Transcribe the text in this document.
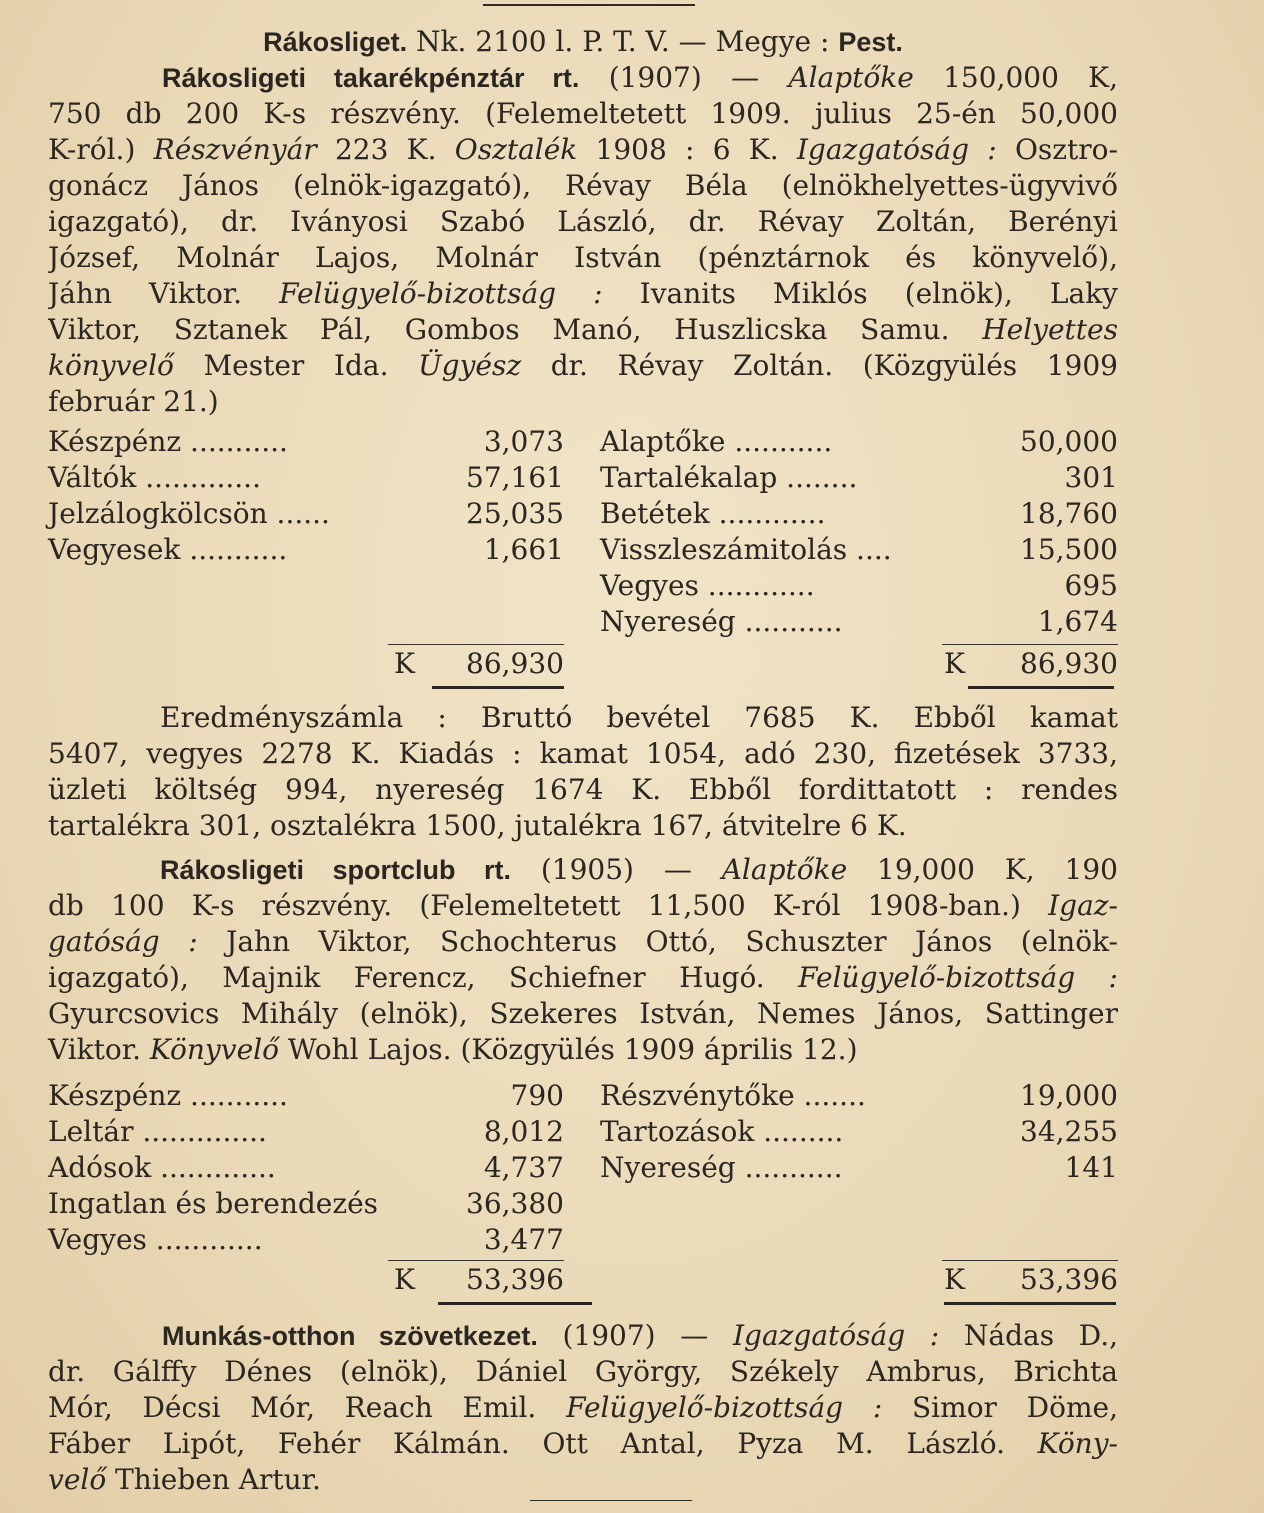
Rákosliget. Nk. 2100 l. P. T. V. — Megye : Pest.
Rákosligeti takarékpénztár rt. (1907) — Alaptőke 150,000 K,
750 db 200 K-s részvény. (Felemeltetett 1909. julius 25-én 50,000
K-ról.) Részvényár 223 K. Osztalék 1908 : 6 K. Igazgatóság : Osztro-
gonácz János (elnök-igazgató), Révay Béla (elnökhelyettes-ügyvivő
igazgató), dr. Iványosi Szabó László, dr. Révay Zoltán, Berényi
József, Molnár Lajos, Molnár István (pénztárnok és könyvelő),
Jáhn Viktor. Felügyelő-bizottság : Ivanits Miklós (elnök), Laky
Viktor, Sztanek Pál, Gombos Manó, Huszlicska Samu. Helyettes
könyvelő Mester Ida. Ügyész dr. Révay Zoltán. (Közgyülés 1909
február 21.)
Készpénz ...........	3,073
Váltók .............	57,161
Jelzálogkölcsön ......	25,035
Vegyesek ...........	1,661
Alaptőke ...........	50,000
Tartalékalap ........	301
Betétek ............	18,760
Visszleszámitolás ....	15,500
Vegyes ............	695
Nyereség ...........	1,674
K	86,930	K	86,930
Eredményszámla : Bruttó bevétel 7685 K. Ebből kamat
5407, vegyes 2278 K. Kiadás : kamat 1054, adó 230, fizetések 3733,
üzleti költség 994, nyereség 1674 K. Ebből fordittatott : rendes
tartalékra 301, osztalékra 1500, jutalékra 167, átvitelre 6 K.
Rákosligeti sportclub rt. (1905) — Alaptőke 19,000 K, 190
db 100 K-s részvény. (Felemeltetett 11,500 K-ról 1908-ban.) Igaz-
gatóság : Jahn Viktor, Schochterus Ottó, Schuszter János (elnök-
igazgató), Majnik Ferencz, Schiefner Hugó. Felügyelő-bizottság :
Gyurcsovics Mihály (elnök), Szekeres István, Nemes János, Sattinger
Viktor. Könyvelő Wohl Lajos. (Közgyülés 1909 április 12.)
Készpénz ...........	790
Leltár ..............	8,012
Adósok .............	4,737
Ingatlan és berendezés	36,380
Vegyes ............	3,477
Részvénytőke .......	19,000
Tartozások .........	34,255
Nyereség ...........	141
K	53,396	K	53,396
Munkás-otthon szövetkezet. (1907) — Igazgatóság : Nádas D.,
dr. Gálffy Dénes (elnök), Dániel György, Székely Ambrus, Brichta
Mór, Décsi Mór, Reach Emil. Felügyelő-bizottság : Simor Döme,
Fáber Lipót, Fehér Kálmán. Ott Antal, Pyza M. László. Köny-
velő Thieben Artur.
